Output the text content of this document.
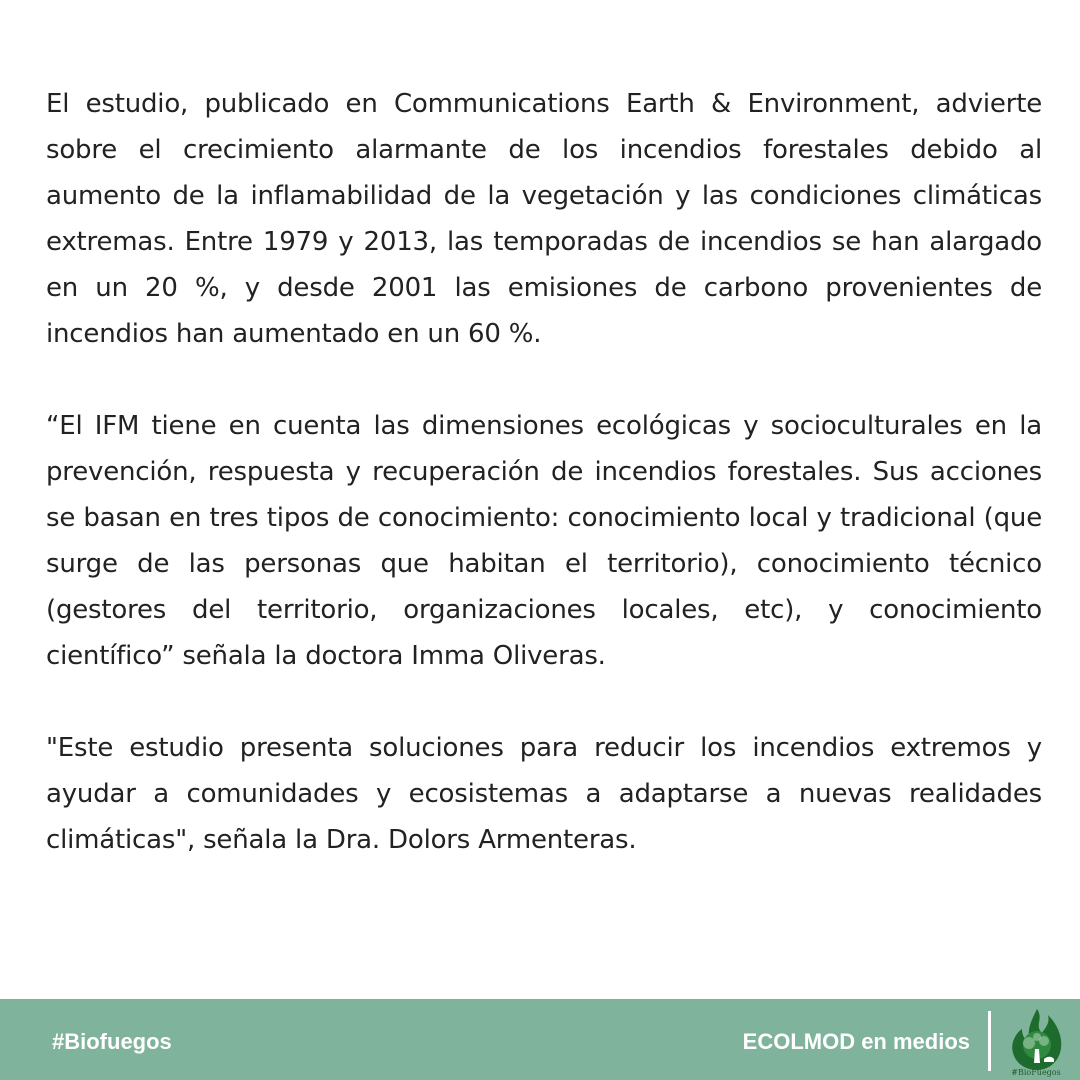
El estudio, publicado en Communications Earth & Environment, advierte sobre el crecimiento alarmante de los incendios forestales debido al aumento de la inflamabilidad de la vegetación y las condiciones climáticas extremas. Entre 1979 y 2013, las temporadas de incendios se han alargado en un 20 %, y desde 2001 las emisiones de carbono provenientes de incendios han aumentado en un 60 %.

“El IFM tiene en cuenta las dimensiones ecológicas y socioculturales en la prevención, respuesta y recuperación de incendios forestales. Sus acciones se basan en tres tipos de conocimiento: conocimiento local y tradicional (que surge de las personas que habitan el territorio), conocimiento técnico (gestores del territorio, organizaciones locales, etc), y conocimiento científico” señala la doctora Imma Oliveras.

"Este estudio presenta soluciones para reducir los incendios extremos y ayudar a comunidades y ecosistemas a adaptarse a nuevas realidades climáticas", señala la Dra. Dolors Armenteras.

#Biofuegos	ECOLMOD en medios
#BioFuegos
